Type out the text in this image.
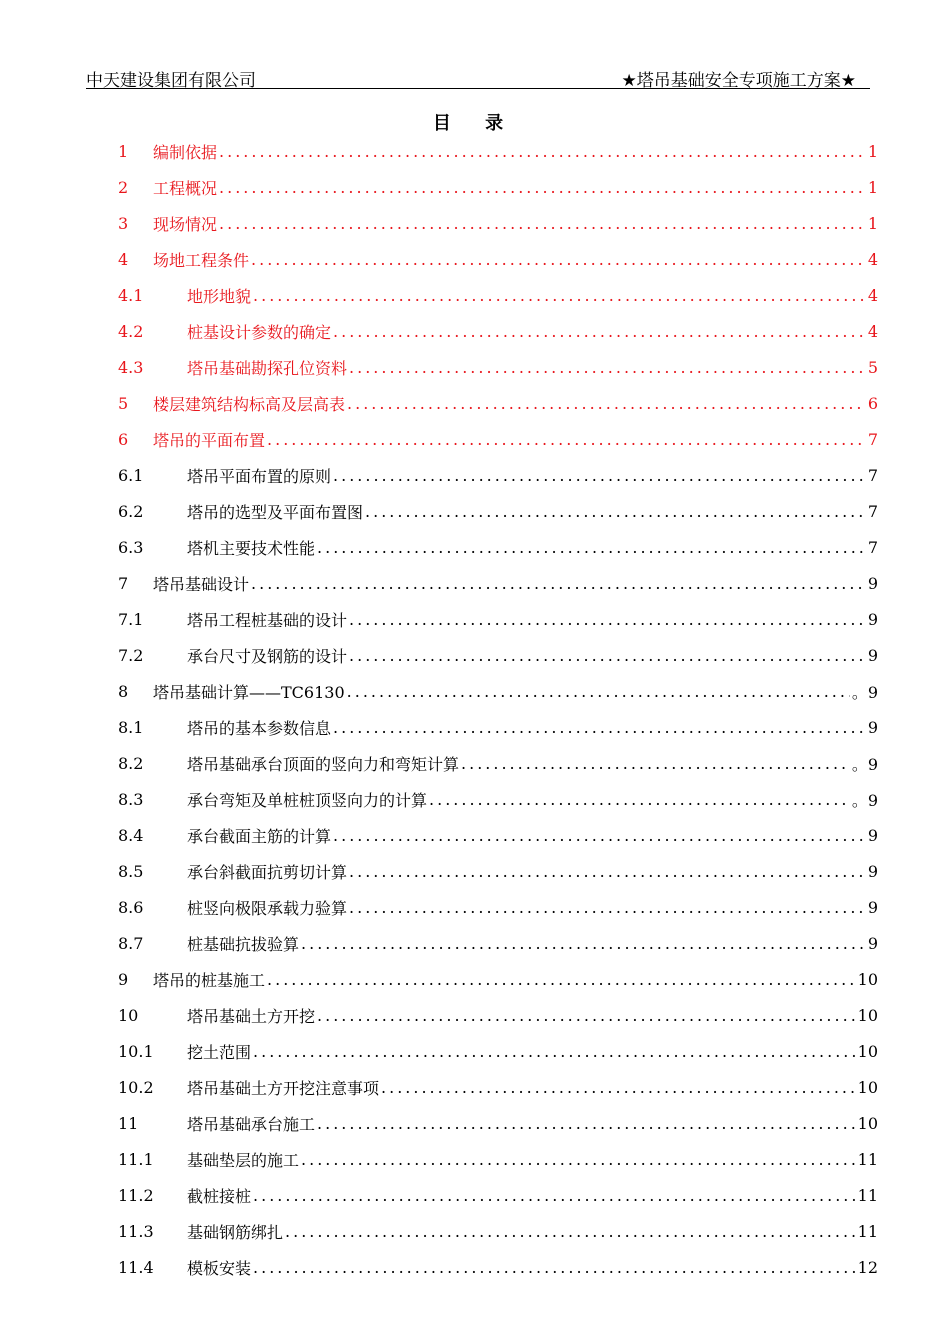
中天建设集团有限公司	★塔吊基础安全专项施工方案★
目 录
1	编制依据 .....	1
2	工程概况 .....	1
3	现场情况 .....	1
4	场地工程条件 .....	4
4.1	地形地貌 .....	4
4.2	桩基设计参数的确定 .....	4
4.3	塔吊基础勘探孔位资料 .....	5
5	楼层建筑结构标高及层高表 .....	6
6	塔吊的平面布置 .....	7
6.1	塔吊平面布置的原则 .....	7
6.2	塔吊的选型及平面布置图 .....	7
6.3	塔机主要技术性能 .....	7
7	塔吊基础设计 .....	9
7.1	塔吊工程桩基础的设计 .....	9
7.2	承台尺寸及钢筋的设计 .....	9
8	塔吊基础计算——TC6130 .....	。9
8.1	塔吊的基本参数信息 .....	9
8.2	塔吊基础承台顶面的竖向力和弯矩计算 .....	。9
8.3	承台弯矩及单桩桩顶竖向力的计算 .....	。9
8.4	承台截面主筋的计算 .....	9
8.5	承台斜截面抗剪切计算 .....	9
8.6	桩竖向极限承载力验算 .....	9
8.7	桩基础抗拔验算 .....	9
9	塔吊的桩基施工 .....	10
10	塔吊基础土方开挖 .....	10
10.1	挖土范围 .....	10
10.2	塔吊基础土方开挖注意事项 .....	10
11	塔吊基础承台施工 .....	10
11.1	基础垫层的施工 .....	11
11.2	截桩接桩 .....	11
11.3	基础钢筋绑扎 .....	11
11.4	模板安装 .....	12
